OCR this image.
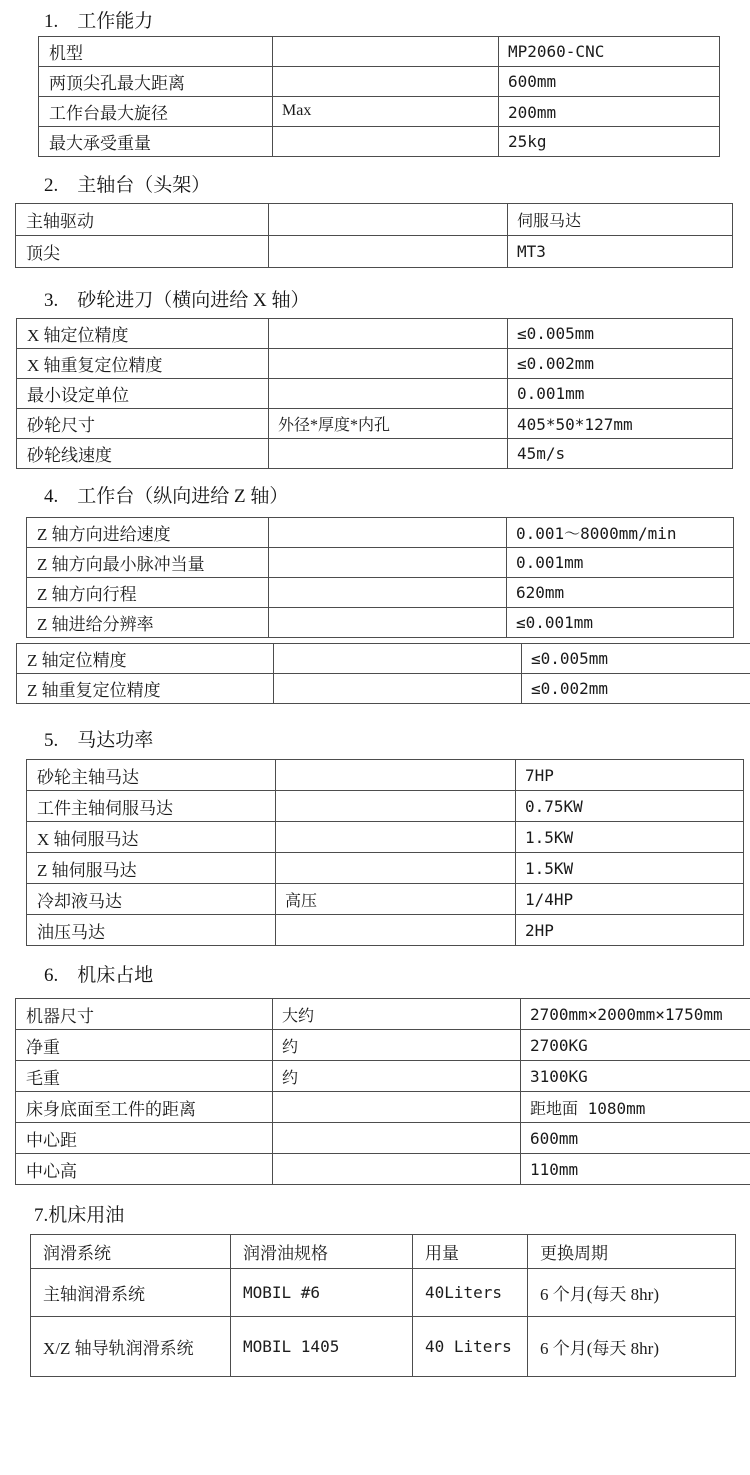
1.　工作能力
机型		MP2060-CNC
两顶尖孔最大距离		600mm
工作台最大旋径	Max	200mm
最大承受重量		25kg
2.　主轴台（头架）
主轴驱动		伺服马达
顶尖		MT3
3.　砂轮进刀（横向进给 X 轴）
X 轴定位精度		≤0.005mm
X 轴重复定位精度		≤0.002mm
最小设定单位		0.001mm
砂轮尺寸	外径*厚度*内孔	405*50*127mm
砂轮线速度		45m/s
4.　工作台（纵向进给 Z 轴）
Z 轴方向进给速度		0.001～8000mm/min
Z 轴方向最小脉冲当量		0.001mm
Z 轴方向行程		620mm
Z 轴进给分辨率		≤0.001mm
Z 轴定位精度		≤0.005mm
Z 轴重复定位精度		≤0.002mm
5.　马达功率
砂轮主轴马达		7HP
工件主轴伺服马达		0.75KW
X 轴伺服马达		1.5KW
Z 轴伺服马达		1.5KW
冷却液马达	高压	1/4HP
油压马达		2HP
6.　机床占地
机器尺寸	大约	2700mm×2000mm×1750mm
净重	约	2700KG
毛重	约	3100KG
床身底面至工件的距离		距地面 1080mm
中心距		600mm
中心高		110mm
7.机床用油
润滑系统	润滑油规格	用量	更换周期
主轴润滑系统	MOBIL #6	40Liters	6 个月(每天 8hr)
X/Z 轴导轨润滑系统	MOBIL 1405	40 Liters	6 个月(每天 8hr)
